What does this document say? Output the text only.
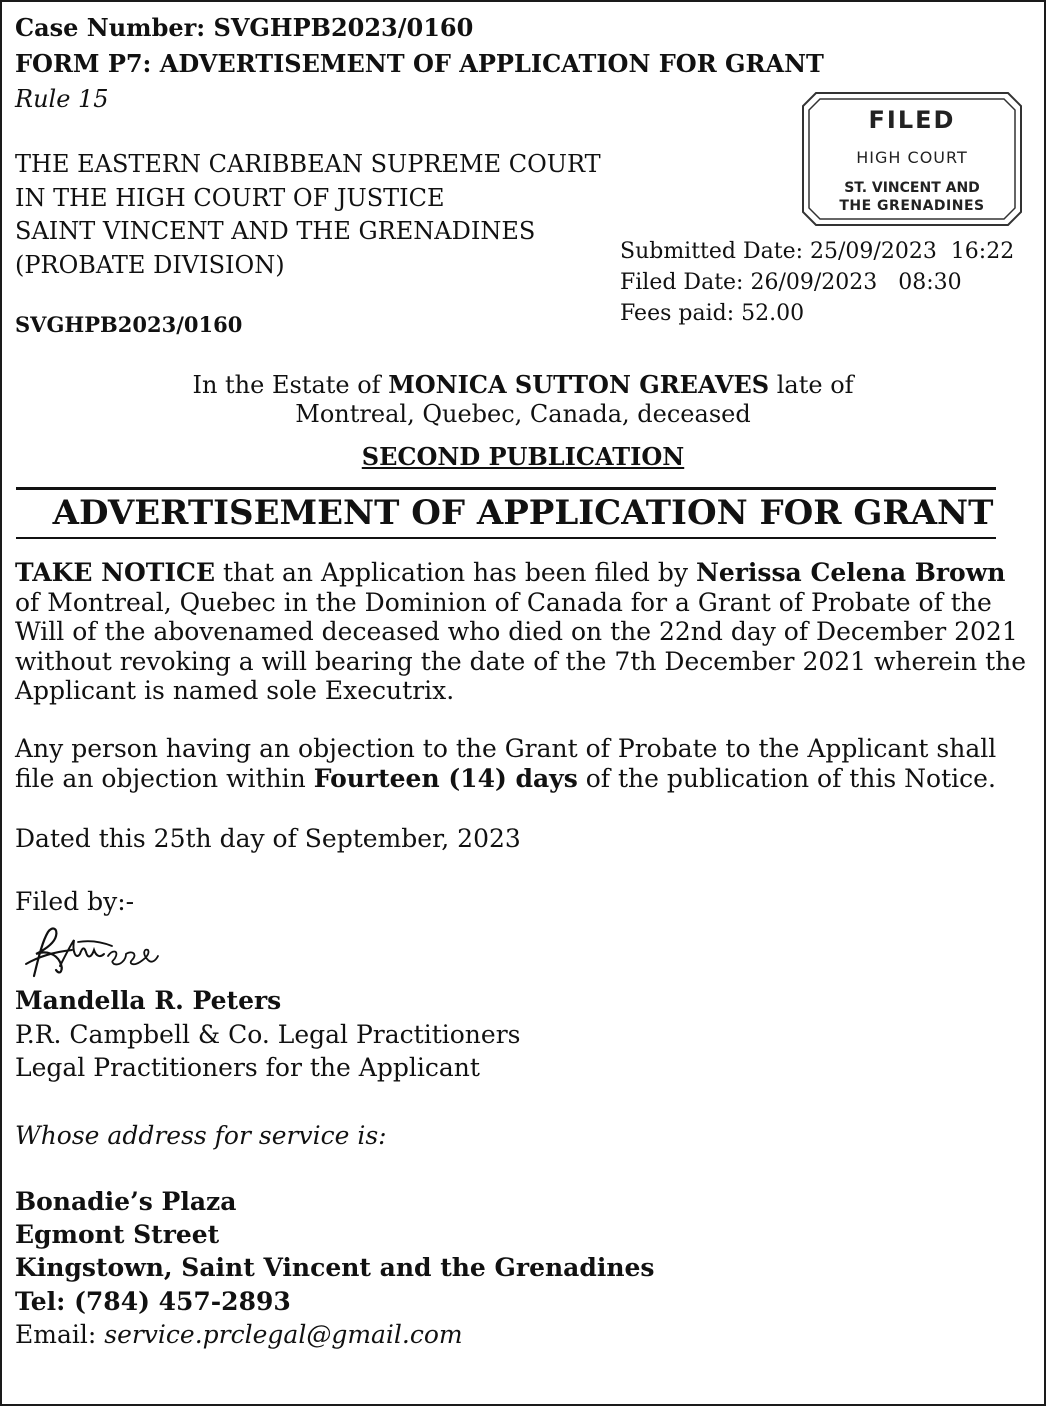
Case Number: SVGHPB2023/0160
FORM P7: ADVERTISEMENT OF APPLICATION FOR GRANT
Rule 15
THE EASTERN CARIBBEAN SUPREME COURT
IN THE HIGH COURT OF JUSTICE
SAINT VINCENT AND THE GRENADINES
(PROBATE DIVISION)
SVGHPB2023/0160
FILED
HIGH COURT
ST. VINCENT AND
THE GRENADINES
Submitted Date: 25/09/2023  16:22
Filed Date: 26/09/2023   08:30
Fees paid: 52.00
In the Estate of MONICA SUTTON GREAVES late of
Montreal, Quebec, Canada, deceased
SECOND PUBLICATION
ADVERTISEMENT OF APPLICATION FOR GRANT
TAKE NOTICE that an Application has been filed by Nerissa Celena Brown of Montreal, Quebec in the Dominion of Canada for a Grant of Probate of the Will of the abovenamed deceased who died on the 22nd day of December 2021 without revoking a will bearing the date of the 7th December 2021 wherein the Applicant is named sole Executrix.
Any person having an objection to the Grant of Probate to the Applicant shall file an objection within Fourteen (14) days of the publication of this Notice.
Dated this 25th day of September, 2023
Filed by:-
Mandella R. Peters
P.R. Campbell & Co. Legal Practitioners
Legal Practitioners for the Applicant
Whose address for service is:
Bonadie’s Plaza
Egmont Street
Kingstown, Saint Vincent and the Grenadines
Tel: (784) 457-2893
Email: service.prclegal@gmail.com
